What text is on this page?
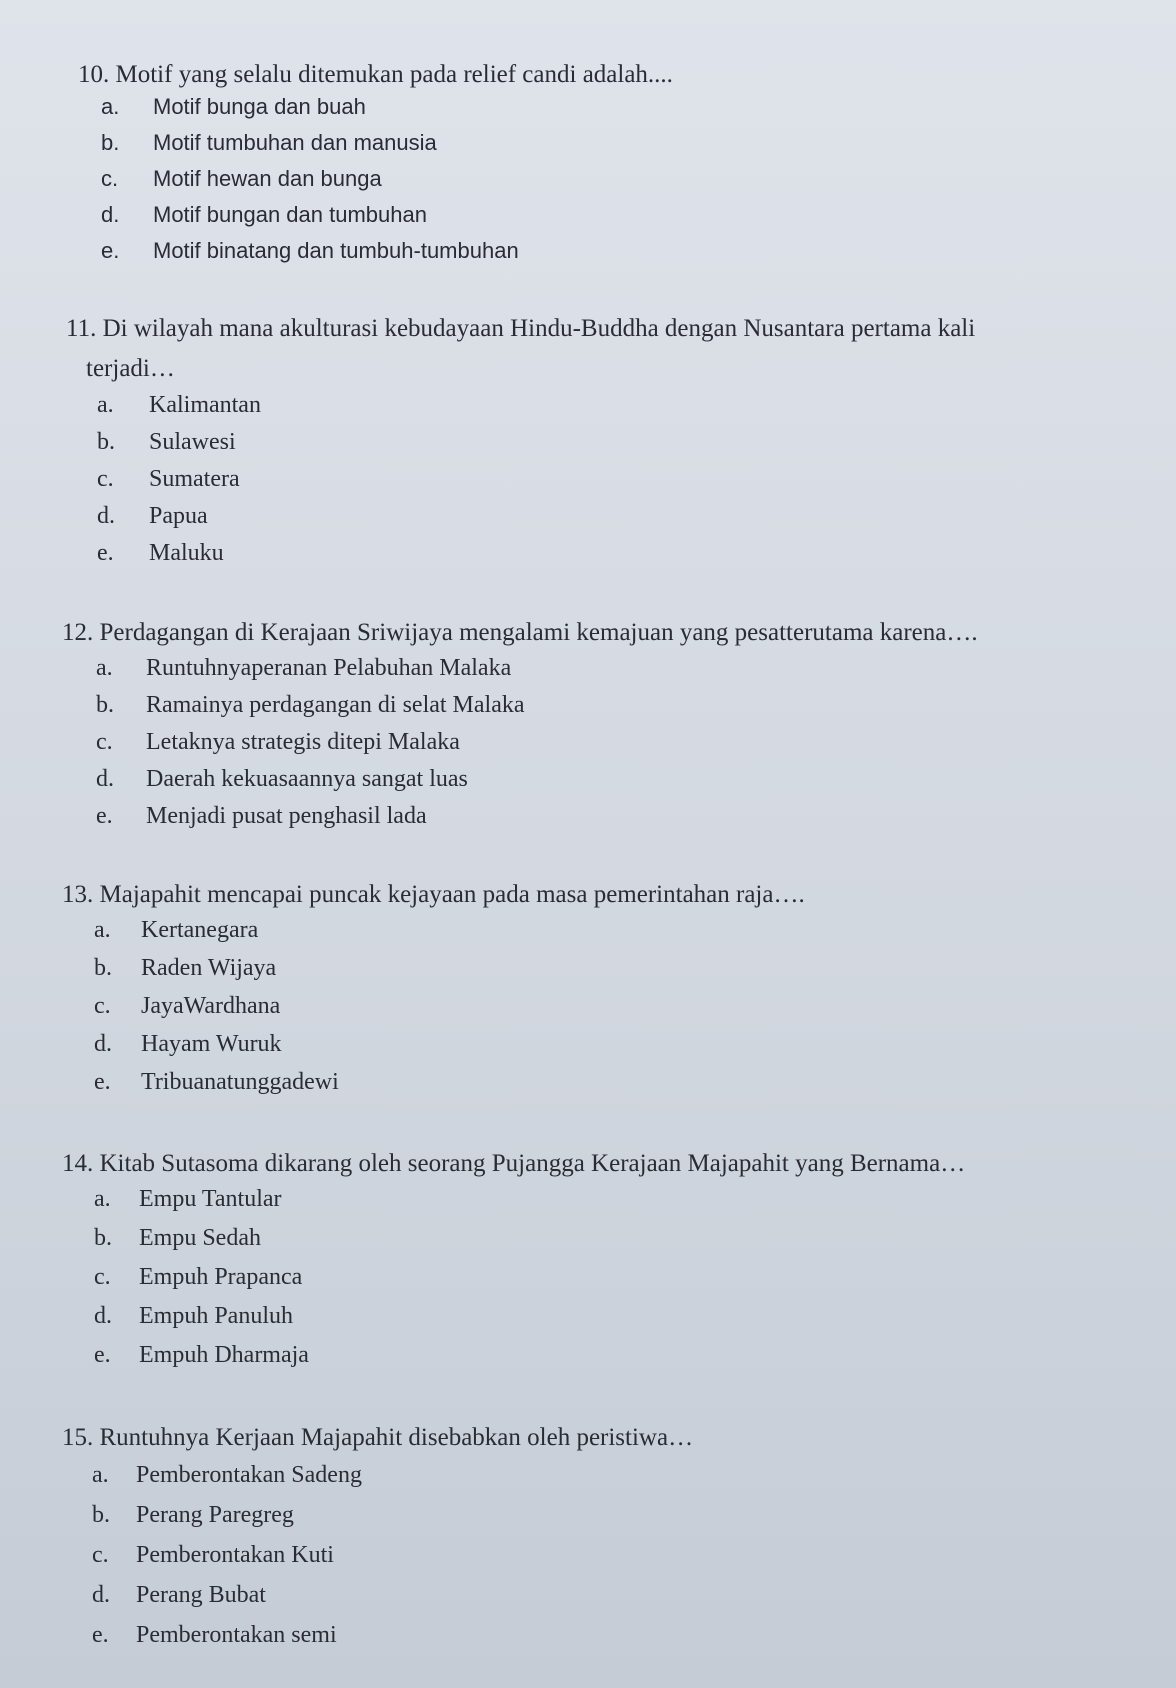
10. Motif yang selalu ditemukan pada relief candi adalah....
a. Motif bunga dan buah
b. Motif tumbuhan dan manusia
c. Motif hewan dan bunga
d. Motif bungan dan tumbuhan
e. Motif binatang dan tumbuh-tumbuhan
11. Di wilayah mana akulturasi kebudayaan Hindu-Buddha dengan Nusantara pertama kali
terjadi…
a. Kalimantan
b. Sulawesi
c. Sumatera
d. Papua
e. Maluku
12. Perdagangan di Kerajaan Sriwijaya mengalami kemajuan yang pesatterutama karena….
a. Runtuhnyaperanan Pelabuhan Malaka
b. Ramainya perdagangan di selat Malaka
c. Letaknya strategis ditepi Malaka
d. Daerah kekuasaannya sangat luas
e. Menjadi pusat penghasil lada
13. Majapahit mencapai puncak kejayaan pada masa pemerintahan raja….
a. Kertanegara
b. Raden Wijaya
c. JayaWardhana
d. Hayam Wuruk
e. Tribuanatunggadewi
14. Kitab Sutasoma dikarang oleh seorang Pujangga Kerajaan Majapahit yang Bernama…
a. Empu Tantular
b. Empu Sedah
c. Empuh Prapanca
d. Empuh Panuluh
e. Empuh Dharmaja
15. Runtuhnya Kerjaan Majapahit disebabkan oleh peristiwa…
a. Pemberontakan Sadeng
b. Perang Paregreg
c. Pemberontakan Kuti
d. Perang Bubat
e. Pemberontakan semi
